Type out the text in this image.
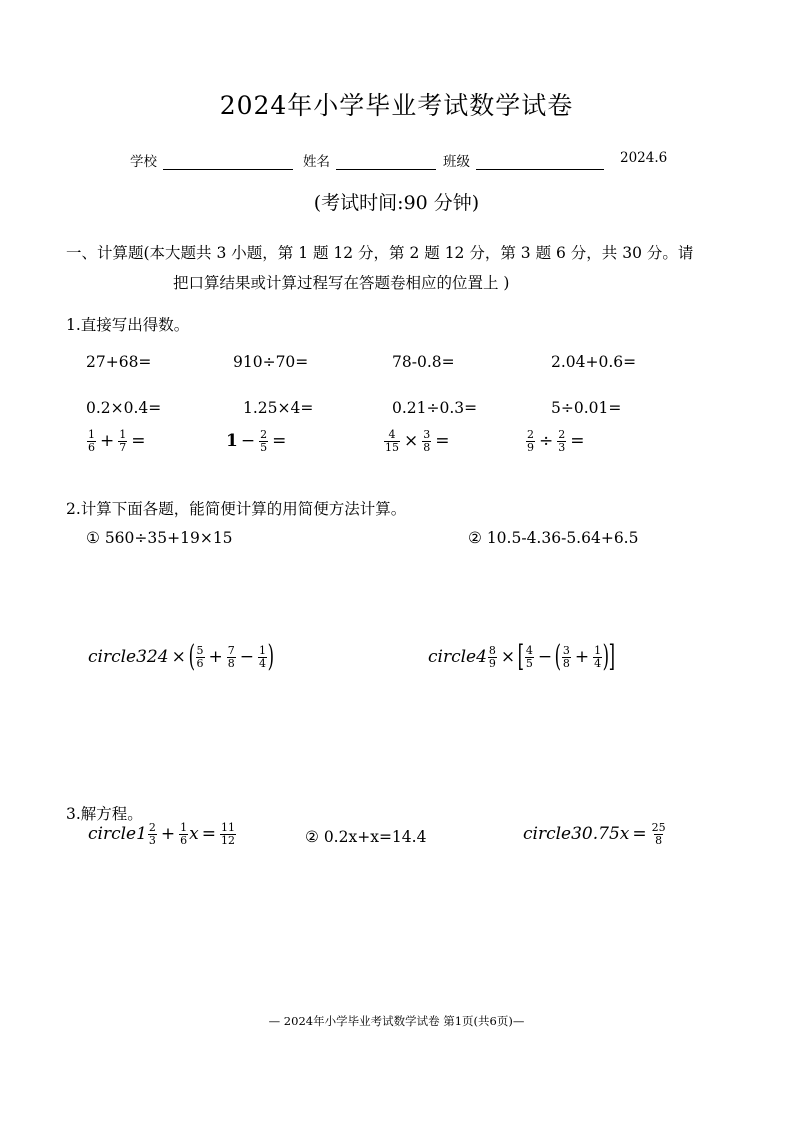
2024年小学毕业考试数学试卷
学校	姓名	班级	2024.6
(考试时间:90 分钟)
一、计算题(本大题共 3 小题，第 1 题 12 分，第 2 题 12 分，第 3 题 6 分，共 30 分。请
把口算结果或计算过程写在答题卷相应的位置上 )
1.直接写出得数。
27+68=	910÷70=	78-0.8=	2.04+0.6=
0.2×0.4=	1.25×4=	0.21÷0.3=	5÷0.01=
$\frac{1}{6} + \frac{1}{7}$ =	$1 - \frac{2}{5}$ =	$\frac{4}{15} \times \frac{3}{8}$ =	$\frac{2}{9} \div \frac{2}{3}$ =
2.计算下面各题，能简便计算的用简便方法计算。
① 560÷35+19×15	② 10.5-4.36-5.64+6.5
circle324 × ( $\frac{5}{6} + \frac{7}{8} - \frac{1}{4}$ )	circle4 $\frac{8}{9}$ × [ $\frac{4}{5}$ − ( $\frac{3}{8} + \frac{1}{4}$ ) ]
3.解方程。
circle1 $\frac{2}{3} + \frac{1}{6}$ $x = \frac{11}{12}$	② 0.2x+x=14.4	circle30.75 $x = \frac{25}{8}$
— 2024年小学毕业考试数学试卷 第1页(共6页)—
